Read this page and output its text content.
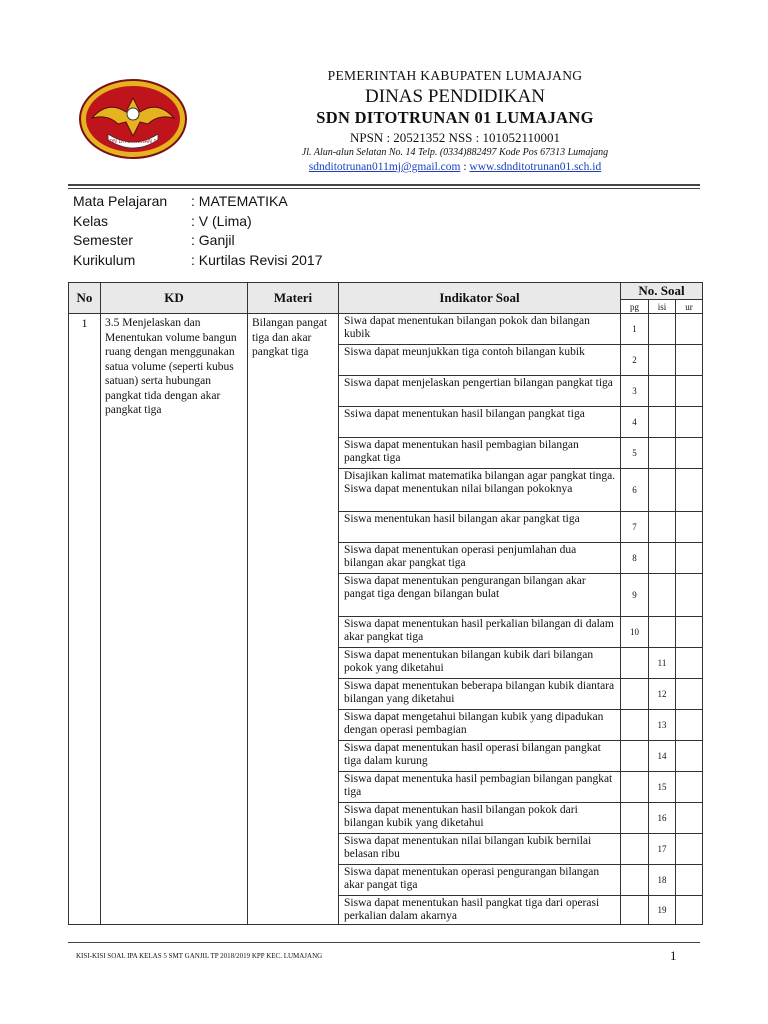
SDN DITOTRUNAN 01
PEMERINTAH KABUPATEN LUMAJANG
DINAS PENDIDIKAN
SDN DITOTRUNAN 01 LUMAJANG
NPSN : 20521352 NSS : 101052110001
Jl. Alun-alun Selatan No. 14 Telp. (0334)882497 Kode Pos 67313 Lumajang
sdnditotrunan011mj@gmail.com : www.sdnditotrunan01.sch.id
Mata Pelajaran : MATEMATIKA
Kelas	: V (Lima)
Semester	: Ganjil
Kurikulum	: Kurtilas Revisi 2017
No	KD	Materi	Indikator Soal	No. Soal		
				pg	isi	ur
1	3.5 Menjelaskan dan Menentukan volume bangun ruang dengan menggunakan satua volume (seperti kubus satuan) serta hubungan pangkat tida dengan akar pangkat tiga	Bilangan pangat tiga dan akar pangkat tiga	Siwa dapat menentukan bilangan pokok dan bilangan kubik	1		
			Siswa dapat meunjukkan tiga contoh bilangan kubik	2		
			Siswa dapat menjelaskan pengertian bilangan pangkat tiga	3		
			Ssiwa dapat menentukan hasil bilangan pangkat tiga	4		
			Siswa dapat menentukan hasil pembagian bilangan pangkat tiga	5		
			Disajikan kalimat matematika bilangan agar pangkat tinga. Siswa dapat menentukan nilai bilangan pokoknya	6		
			Siswa menentukan hasil bilangan akar pangkat tiga	7		
			Siswa dapat menentukan operasi penjumlahan dua bilangan akar pangkat tiga	8		
			Siswa dapat menentukan pengurangan bilangan akar pangat tiga dengan bilangan bulat	9		
			Siswa dapat menentukan hasil perkalian bilangan di dalam akar pangkat tiga	10		
			Siswa dapat menentukan bilangan kubik dari bilangan pokok yang diketahui		11	
			Siswa dapat menentukan beberapa bilangan kubik diantara bilangan yang diketahui		12	
			Siswa dapat mengetahui bilangan kubik yang dipadukan dengan operasi pembagian		13	
			Siswa dapat menentukan hasil operasi bilangan pangkat tiga dalam kurung		14	
			Siswa dapat menentuka hasil pembagian bilangan pangkat tiga		15	
			Siswa dapat menentukan hasil bilangan pokok dari bilangan kubik yang diketahui		16	
			Siswa dapat menentukan nilai bilangan kubik bernilai belasan ribu		17	
			Siswa dapat menentukan operasi pengurangan bilangan akar pangat tiga		18	
			Siswa dapat menentukan hasil pangkat tiga dari operasi perkalian dalam akarnya		19	
KISI-KISI SOAL IPA KELAS 5 SMT GANJIL TP 2018/2019 KPP KEC. LUMAJANG	1
